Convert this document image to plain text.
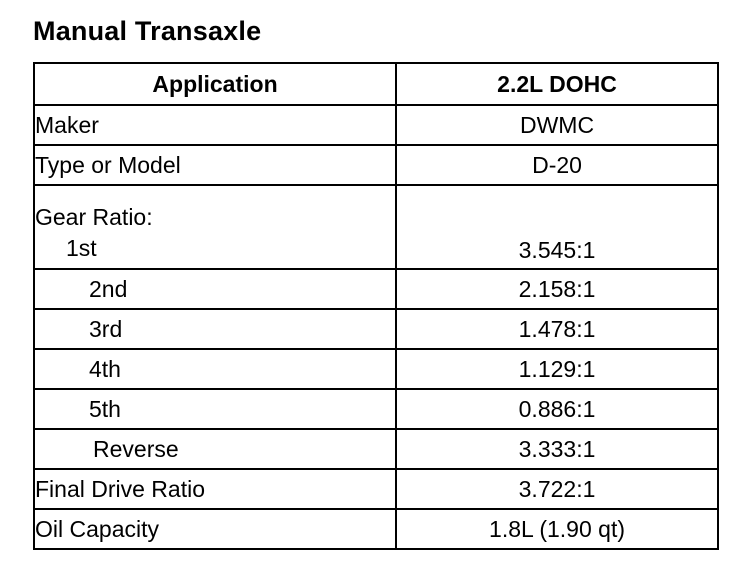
Manual Transaxle
Application	2.2L DOHC
Maker	DWMC
Type or Model	D-20

Gear Ratio:
1st	3.545:1
2nd	2.158:1
3rd	1.478:1
4th	1.129:1
5th	0.886:1
Reverse	3.333:1
Final Drive Ratio	3.722:1
Oil Capacity	1.8L (1.90 qt)
